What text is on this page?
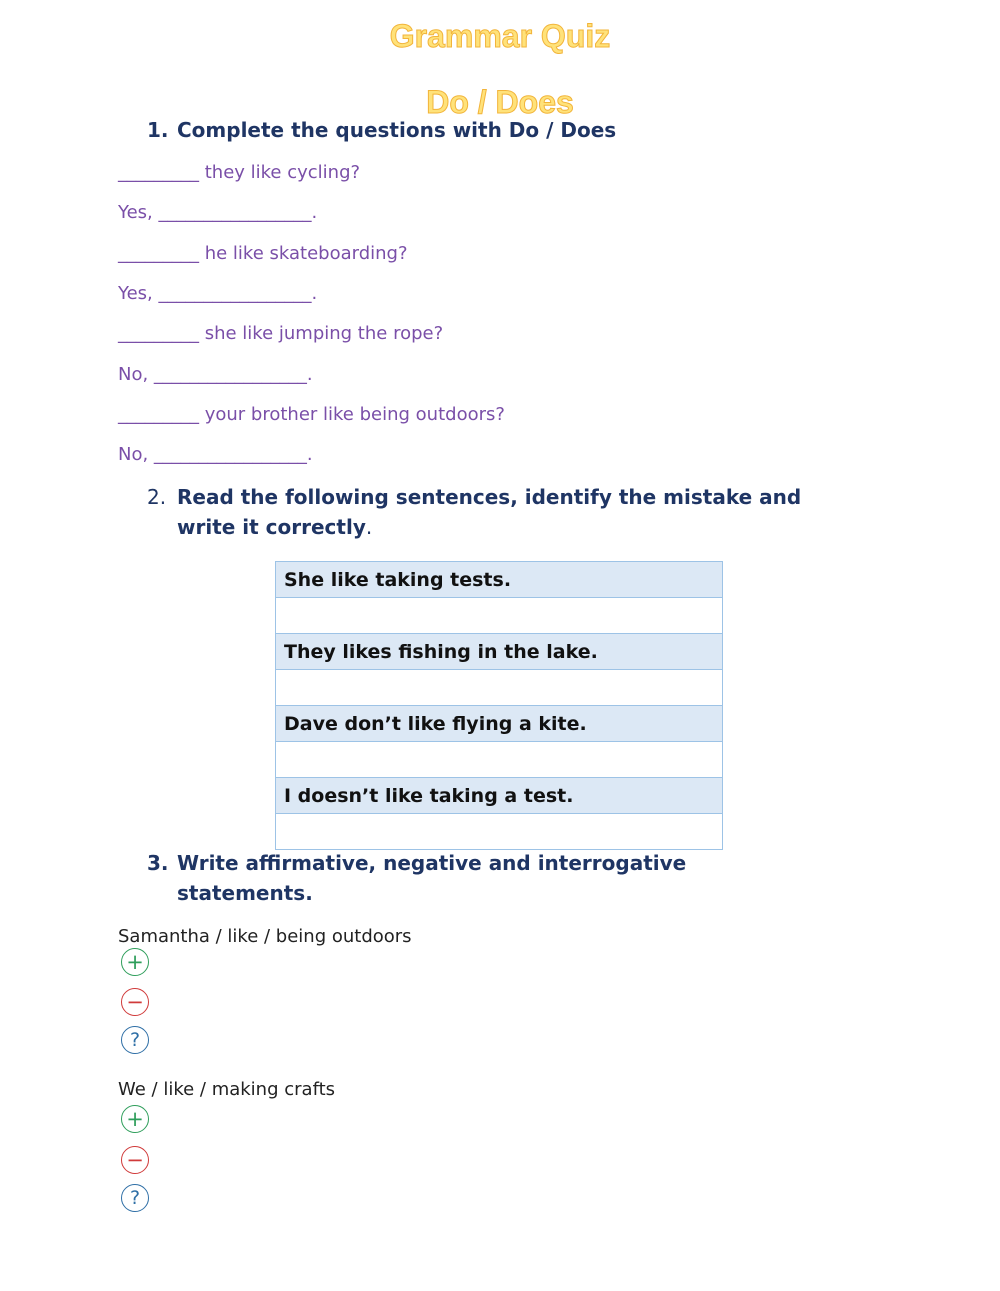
Grammar Quiz
Do / Does
1. Complete the questions with Do / Does
_________ they like cycling?
Yes, _________________.
_________ he like skateboarding?
Yes, _________________.
_________ she like jumping the rope?
No, _________________.
_________ your brother like being outdoors?
No, _________________.
2. Read the following sentences, identify the mistake and
write it correctly.
She like taking tests.

They likes fishing in the lake.

Dave don’t like flying a kite.

I doesn’t like taking a test.

3. Write affirmative, negative and interrogative
statements.
Samantha / like / being outdoors
+
−
?
We / like / making crafts
+
−
?
